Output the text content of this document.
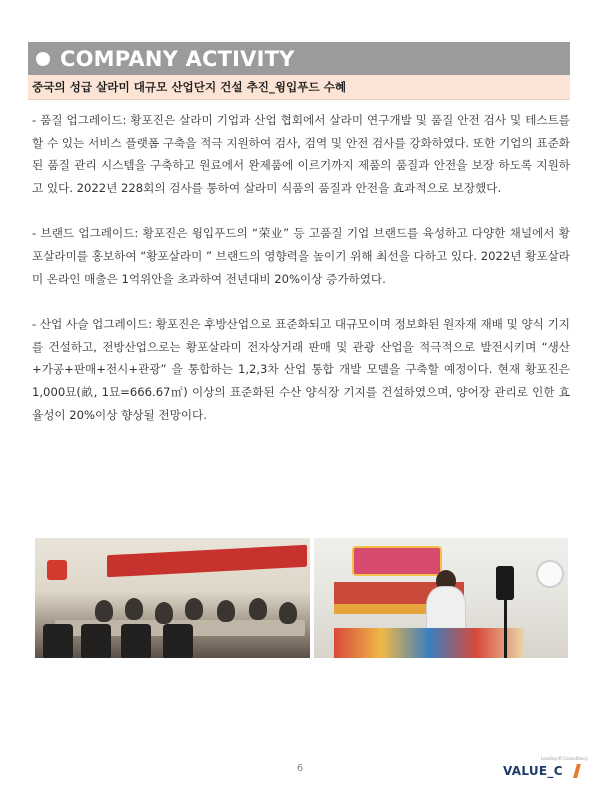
COMPANY ACTIVITY
중국의 성급 살라미 대규모 산업단지 건설 추진_윙입푸드 수혜

- 품질 업그레이드: 황포진은 살라미 기업과 산업 협회에서 살라미 연구개발 및 품질 안전 검사 및 테스트를 할 수 있는 서비스 플랫폼 구축을 적극 지원하여 검사, 검역 및 안전 검사를 강화하였다. 또한 기업의 표준화된 품질 관리 시스템을 구축하고 원료에서 완제품에 이르기까지 제품의 품질과 안전을 보장 하도록 지원하고 있다. 2022년 228회의 검사를 통하여 살라미 식품의 품질과 안전을 효과적으로 보장했다.

- 브랜드 업그레이드: 황포진은 윙입푸드의 “荣业” 등 고품질 기업 브랜드를 육성하고 다양한 채널에서 황포살라미를 홍보하여 “황포살라미 ” 브랜드의 영향력을 높이기 위해 최선을 다하고 있다. 2022년 황포살라미 온라인 매출은 1억위안을 초과하여 전년대비 20%이상 증가하였다.

- 산업 사슬 업그레이드: 황포진은 후방산업으로 표준화되고 대규모이며 정보화된 원자재 재배 및 양식 기지를 건설하고, 전방산업으로는 황포살라미 전자상거래 판매 및 관광 산업을 적극적으로 발전시키며 “생산+가공+판매+전시+관광” 을 통합하는 1,2,3차 산업 통합 개발 모델을 구축할 예정이다. 현재 황포진은 1,000묘(畝, 1묘=666.67㎡) 이상의 표준화된 수산 양식장 기지를 건설하였으며, 양어장 관리로 인한 효율성이 20%이상 향상될 전망이다.

6
Leading IR Consultancy
VALUE_C
